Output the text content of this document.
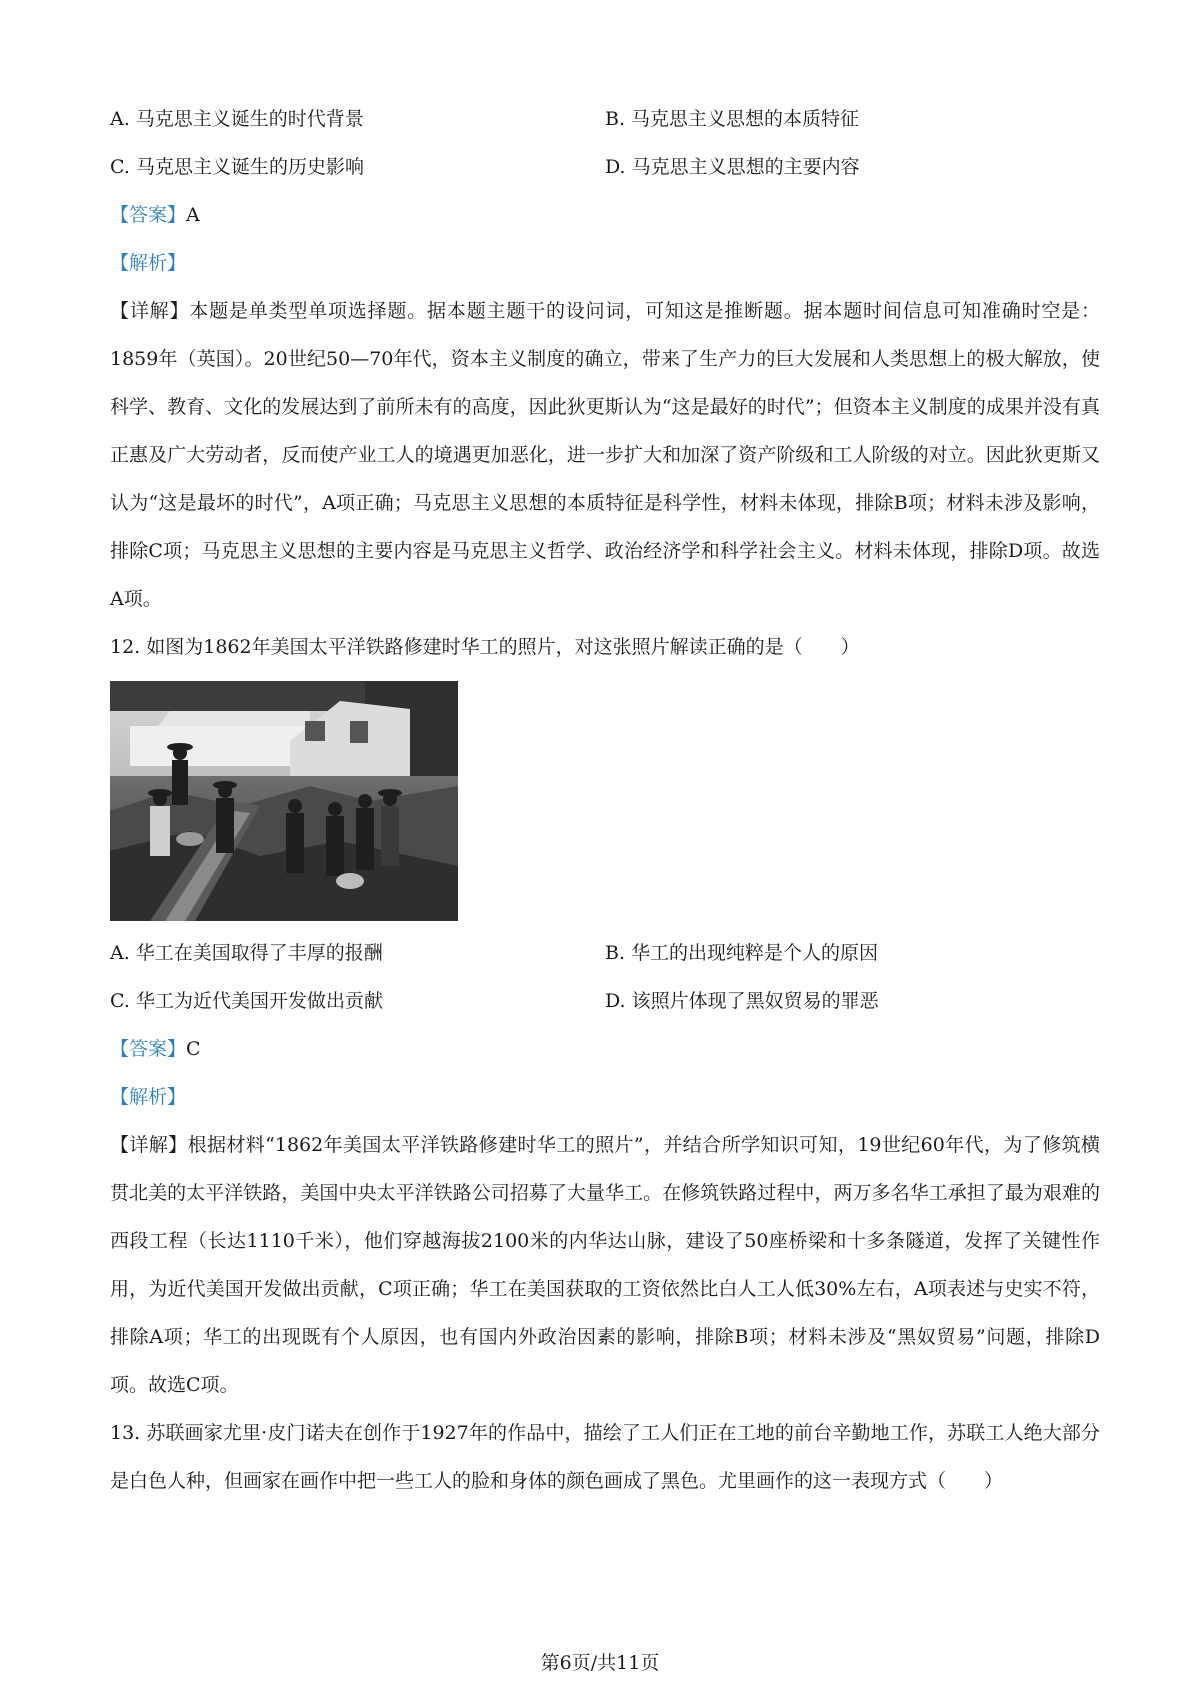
A. 马克思主义诞生的时代背景	B. 马克思主义思想的本质特征
C. 马克思主义诞生的历史影响	D. 马克思主义思想的主要内容
【答案】A
【解析】
【详解】本题是单类型单项选择题。据本题主题干的设问词，可知这是推断题。据本题时间信息可知准确时空是：1859年（英国）。20世纪50—70年代，资本主义制度的确立，带来了生产力的巨大发展和人类思想上的极大解放，使科学、教育、文化的发展达到了前所未有的高度，因此狄更斯认为“这是最好的时代”；但资本主义制度的成果并没有真正惠及广大劳动者，反而使产业工人的境遇更加恶化，进一步扩大和加深了资产阶级和工人阶级的对立。因此狄更斯又认为“这是最坏的时代”，A项正确；马克思主义思想的本质特征是科学性，材料未体现，排除B项；材料未涉及影响，排除C项；马克思主义思想的主要内容是马克思主义哲学、政治经济学和科学社会主义。材料未体现，排除D项。故选A项。
12. 如图为1862年美国太平洋铁路修建时华工的照片，对这张照片解读正确的是（　　）
A. 华工在美国取得了丰厚的报酬	B. 华工的出现纯粹是个人的原因
C. 华工为近代美国开发做出贡献	D. 该照片体现了黑奴贸易的罪恶
【答案】C
【解析】
【详解】根据材料“1862年美国太平洋铁路修建时华工的照片”，并结合所学知识可知，19世纪60年代，为了修筑横贯北美的太平洋铁路，美国中央太平洋铁路公司招募了大量华工。在修筑铁路过程中，两万多名华工承担了最为艰难的西段工程（长达1110千米），他们穿越海拔2100米的内华达山脉，建设了50座桥梁和十多条隧道，发挥了关键性作用，为近代美国开发做出贡献，C项正确；华工在美国获取的工资依然比白人工人低30%左右，A项表述与史实不符，排除A项；华工的出现既有个人原因，也有国内外政治因素的影响，排除B项；材料未涉及“黑奴贸易”问题，排除D项。故选C项。
13. 苏联画家尤里·皮门诺夫在创作于1927年的作品中，描绘了工人们正在工地的前台辛勤地工作，苏联工人绝大部分是白色人种，但画家在画作中把一些工人的脸和身体的颜色画成了黑色。尤里画作的这一表现方式（　　）
第6页/共11页
